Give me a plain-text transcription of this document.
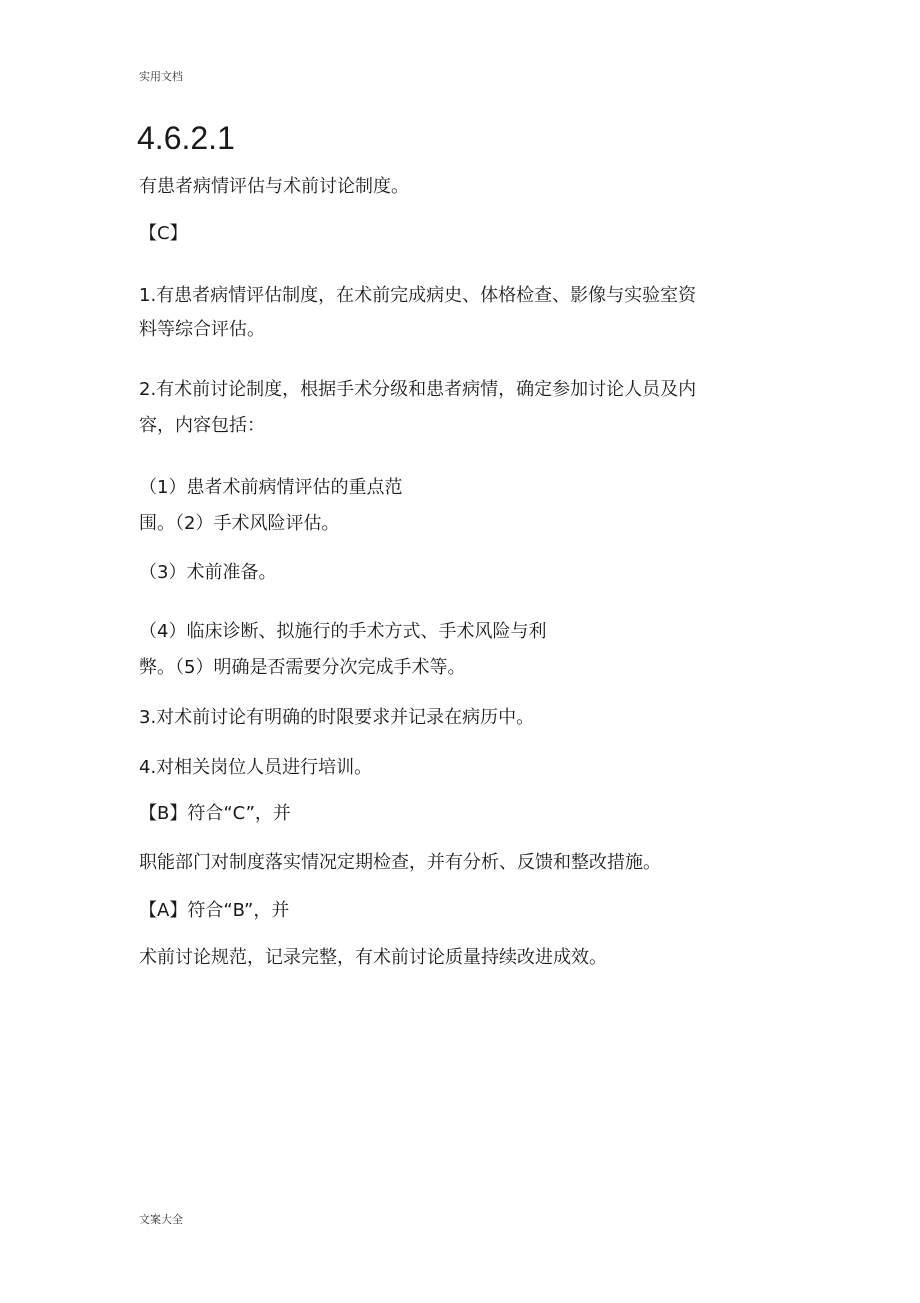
实用文档
4.6.2.1
有患者病情评估与术前讨论制度。
【C】
1.有患者病情评估制度，在术前完成病史、体格检查、影像与实验室资
料等综合评估。
2.有术前讨论制度，根据手术分级和患者病情，确定参加讨论人员及内
容，内容包括：
（1）患者术前病情评估的重点范
围。（2）手术风险评估。
（3）术前准备。
（4）临床诊断、拟施行的手术方式、手术风险与利
弊。（5）明确是否需要分次完成手术等。
3.对术前讨论有明确的时限要求并记录在病历中。
4.对相关岗位人员进行培训。
【B】符合“C”，并
职能部门对制度落实情况定期检查，并有分析、反馈和整改措施。
【A】符合“B”，并
术前讨论规范，记录完整，有术前讨论质量持续改进成效。
文案大全
